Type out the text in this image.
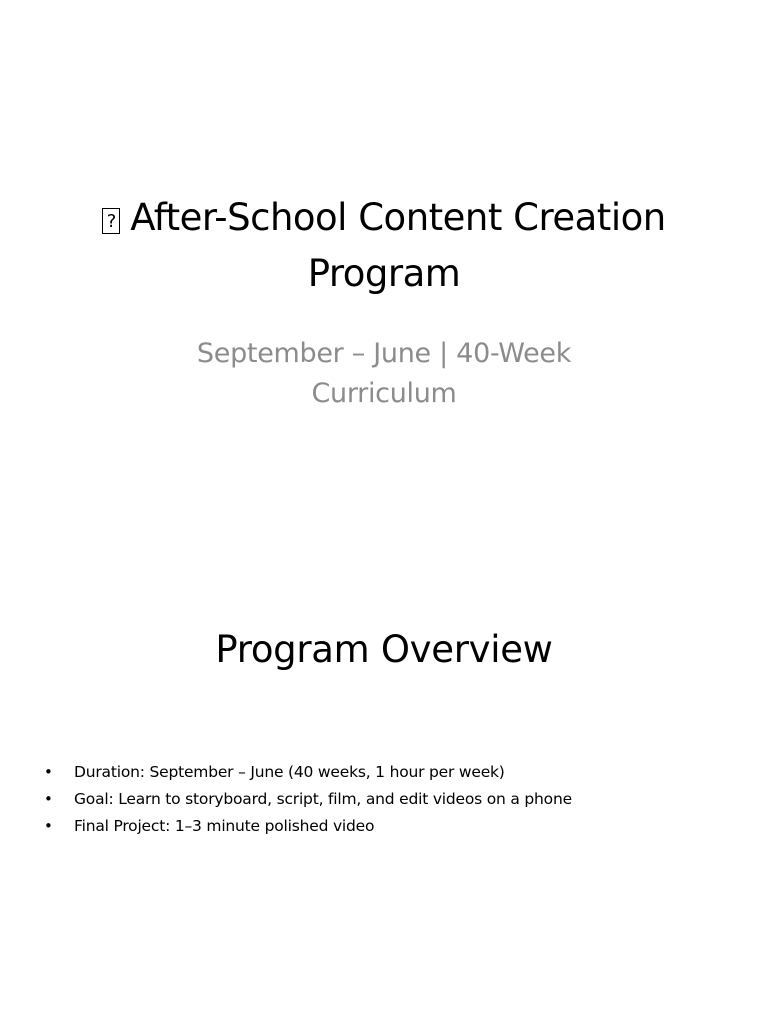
? After-School Content Creation Program
September – June | 40-Week Curriculum
Program Overview
• Duration: September – June (40 weeks, 1 hour per week)
• Goal: Learn to storyboard, script, film, and edit videos on a phone
• Final Project: 1–3 minute polished video
